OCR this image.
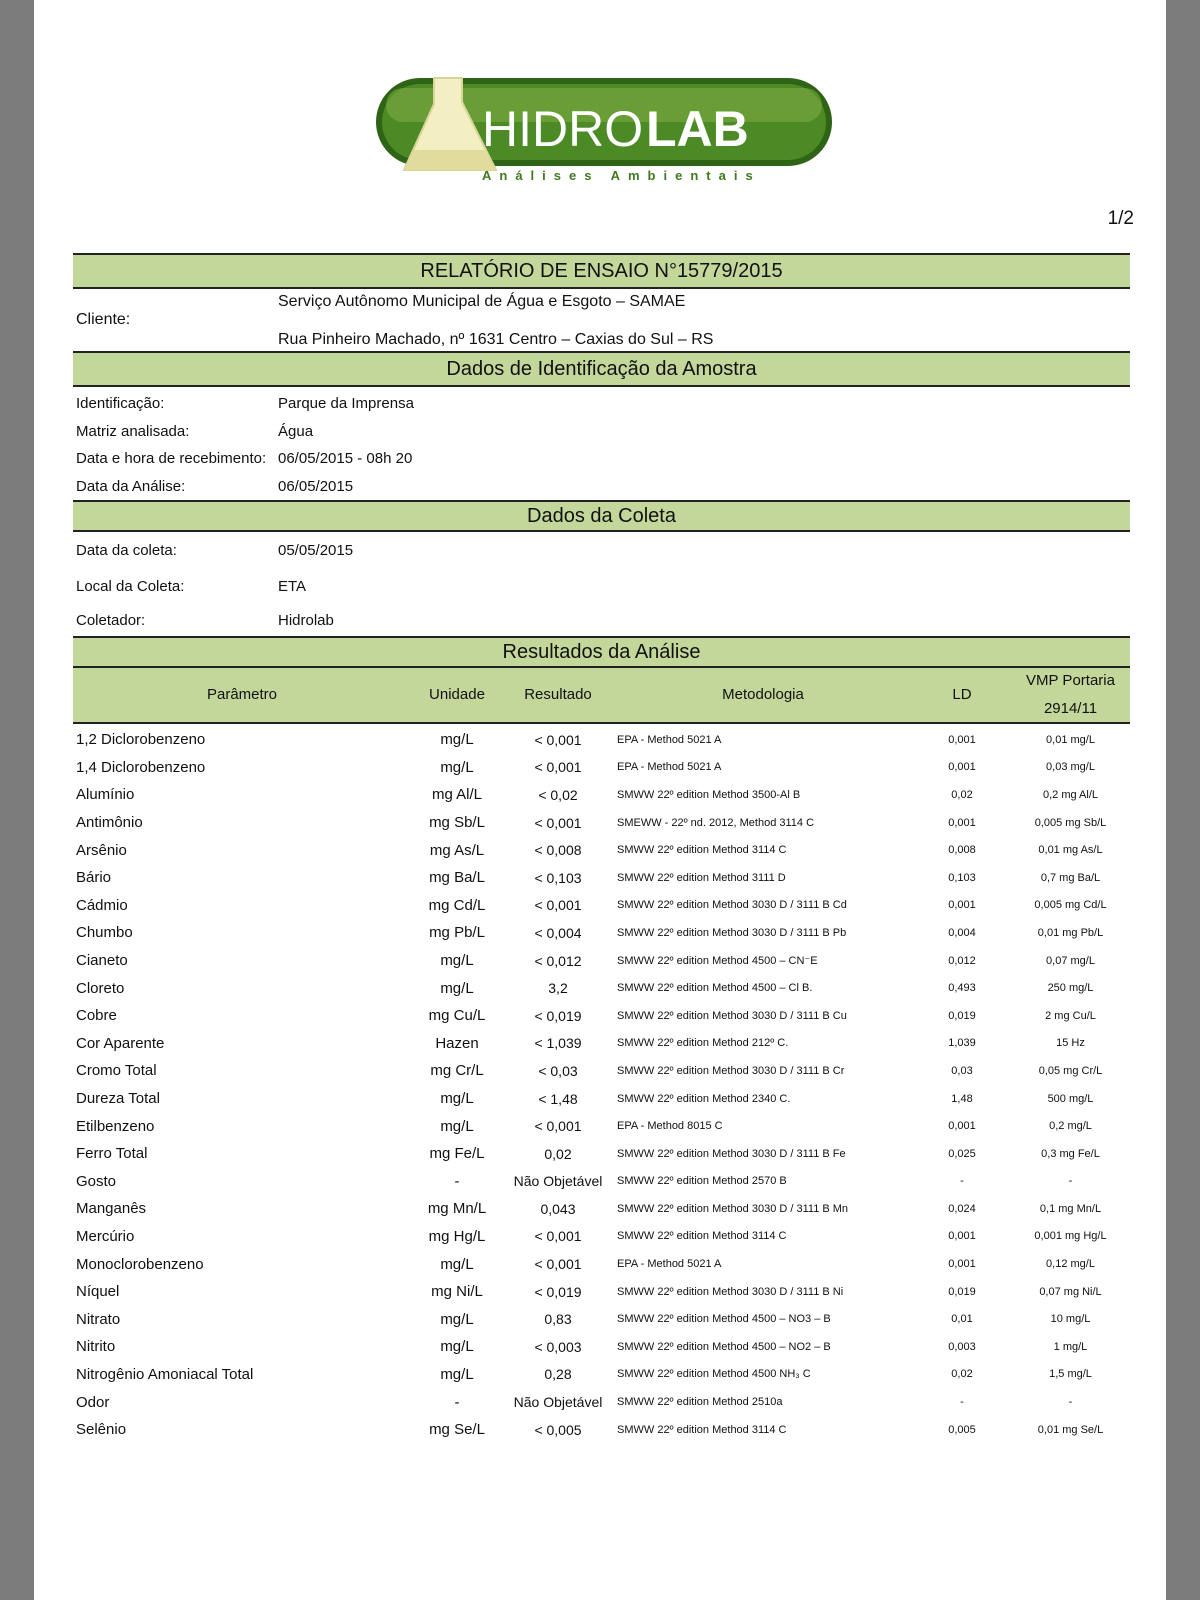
HIDRO LAB
Análises Ambientais
1/2
RELATÓRIO DE ENSAIO N°15779/2015
Cliente:
Serviço Autônomo Municipal de Água e Esgoto – SAMAE
Rua Pinheiro Machado, nº 1631 Centro – Caxias do Sul – RS
Dados de Identificação da Amostra
Identificação:	Parque da Imprensa
Matriz analisada:	Água
Data e hora de recebimento: 06/05/2015 - 08h 20
Data da Análise:	06/05/2015
Dados da Coleta
Data da coleta:	05/05/2015
Local da Coleta:	ETA
Coletador:	Hidrolab
Resultados da Análise
Parâmetro	Unidade	Resultado	Metodologia	LD
VMP Portaria 2914/11
1,2 Diclorobenzeno	mg/L	< 0,001	EPA - Method 5021 A	0,001	0,01 mg/L
1,4 Diclorobenzeno	mg/L	< 0,001	EPA - Method 5021 A	0,001	0,03 mg/L
Alumínio	mg Al/L	< 0,02	SMWW 22º edition Method 3500-Al B	0,02	0,2 mg Al/L
Antimônio	mg Sb/L	< 0,001	SMEWW - 22º nd. 2012, Method 3114 C	0,001	0,005 mg Sb/L
Arsênio	mg As/L	< 0,008	SMWW 22º edition Method 3114 C	0,008	0,01 mg As/L
Bário	mg Ba/L	< 0,103	SMWW 22º edition Method 3111 D	0,103	0,7 mg Ba/L
Cádmio	mg Cd/L	< 0,001	SMWW 22º edition Method 3030 D / 3111 B Cd	0,001	0,005 mg Cd/L
Chumbo	mg Pb/L	< 0,004	SMWW 22º edition Method 3030 D / 3111 B Pb	0,004	0,01 mg Pb/L
Cianeto	mg/L	< 0,012	SMWW 22º edition Method 4500 – CN⁻E	0,012	0,07 mg/L
Cloreto	mg/L	3,2	SMWW 22º edition Method 4500 – Cl B.	0,493	250 mg/L
Cobre	mg Cu/L	< 0,019	SMWW 22º edition Method 3030 D / 3111 B Cu	0,019	2 mg Cu/L
Cor Aparente	Hazen	< 1,039	SMWW 22º edition Method 212º C.	1,039	15 Hz
Cromo Total	mg Cr/L	< 0,03	SMWW 22º edition Method 3030 D / 3111 B Cr	0,03	0,05 mg Cr/L
Dureza Total	mg/L	< 1,48	SMWW 22º edition Method 2340 C.	1,48	500 mg/L
Etilbenzeno	mg/L	< 0,001	EPA - Method 8015 C	0,001	0,2 mg/L
Ferro Total	mg Fe/L	0,02	SMWW 22º edition Method 3030 D / 3111 B Fe	0,025	0,3 mg Fe/L
Gosto	-	Não Objetável	SMWW 22º edition Method 2570 B	-	-
Manganês	mg Mn/L	0,043	SMWW 22º edition Method 3030 D / 3111 B Mn	0,024	0,1 mg Mn/L
Mercúrio	mg Hg/L	< 0,001	SMWW 22º edition Method 3114 C	0,001	0,001 mg Hg/L
Monoclorobenzeno	mg/L	< 0,001	EPA - Method 5021 A	0,001	0,12 mg/L
Níquel	mg Ni/L	< 0,019	SMWW 22º edition Method 3030 D / 3111 B Ni	0,019	0,07 mg Ni/L
Nitrato	mg/L	0,83	SMWW 22º edition Method 4500 – NO3 – B	0,01	10 mg/L
Nitrito	mg/L	< 0,003	SMWW 22º edition Method 4500 – NO2 – B	0,003	1 mg/L
Nitrogênio Amoniacal Total	mg/L	0,28	SMWW 22º edition Method 4500 NH₃ C	0,02	1,5 mg/L
Odor	-	Não Objetável	SMWW 22º edition Method 2510a	-	-
Selênio	mg Se/L	< 0,005	SMWW 22º edition Method 3114 C	0,005	0,01 mg Se/L
